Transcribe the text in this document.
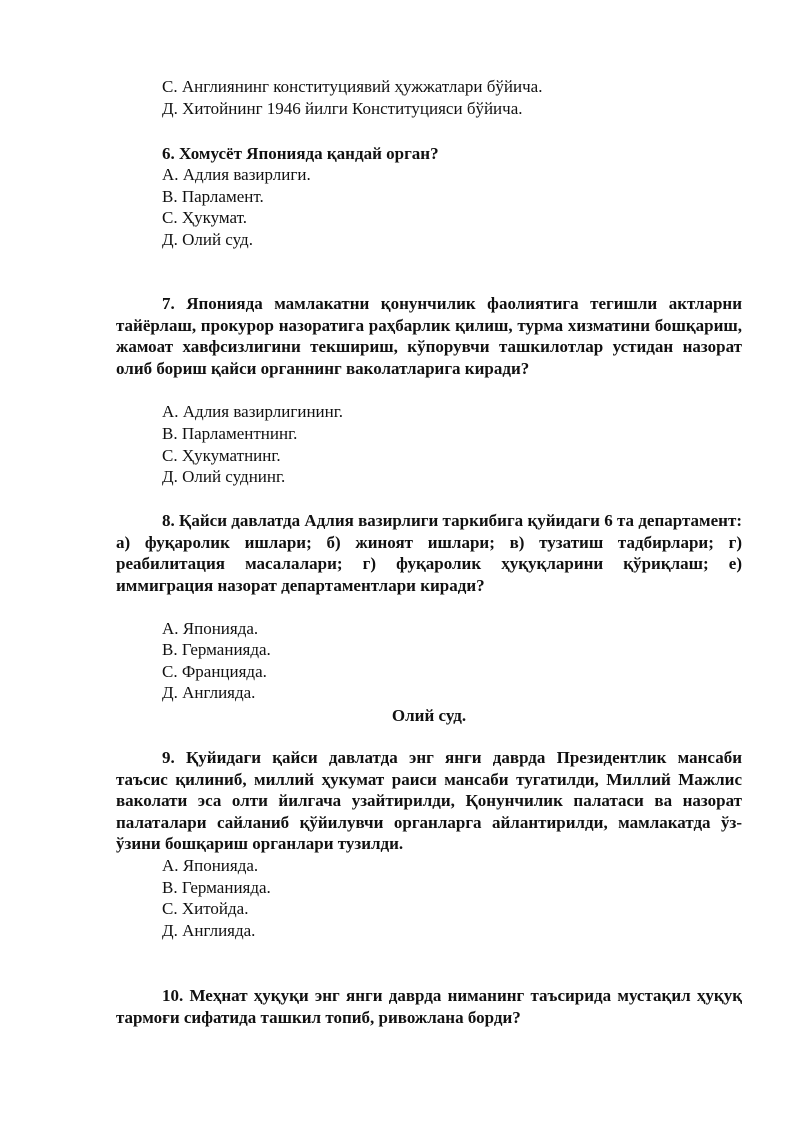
С. Англиянинг конституциявий ҳужжатлари бўйича.
Д. Хитойнинг 1946 йилги Конституцияси бўйича.
6. Хомусёт Японияда қандай орган?
А. Адлия вазирлиги.
В. Парламент.
С. Ҳукумат.
Д. Олий суд.
7. Японияда мамлакатни қонунчилик фаолиятига тегишли актларни тайёрлаш, прокурор назоратига раҳбарлик қилиш, турма хизматини бошқариш, жамоат хавфсизлигини текшириш, кўпорувчи ташкилотлар устидан назорат олиб бориш қайси органнинг ваколатларига киради?
А. Адлия вазирлигининг.
В. Парламентнинг.
С. Ҳукуматнинг.
Д. Олий суднинг.
8. Қайси давлатда Адлия вазирлиги таркибига қуйидаги 6 та департамент: а) фуқаролик ишлари; б) жиноят ишлари; в) тузатиш тадбирлари; г) реабилитация масалалари; г) фуқаролик ҳуқуқларини қўриқлаш; е) иммиграция назорат департаментлари киради?
А. Японияда.
В. Германияда.
С. Францияда.
Д. Англияда.
Олий суд.
9. Қуйидаги қайси давлатда энг янги даврда Президентлик мансаби таъсис қилиниб, миллий ҳукумат раиси мансаби тугатилди, Миллий Мажлис ваколати эса олти йилгача узайтирилди, Қонунчилик палатаси ва назорат палаталари сайланиб қўйилувчи органларга айлантирилди, мамлакатда ўз-ўзини бошқариш органлари тузилди.
А. Японияда.
В. Германияда.
С. Хитойда.
Д. Англияда.
10. Меҳнат ҳуқуқи энг янги даврда ниманинг таъсирида мустақил ҳуқуқ тармоғи сифатида ташкил топиб, ривожлана борди?
